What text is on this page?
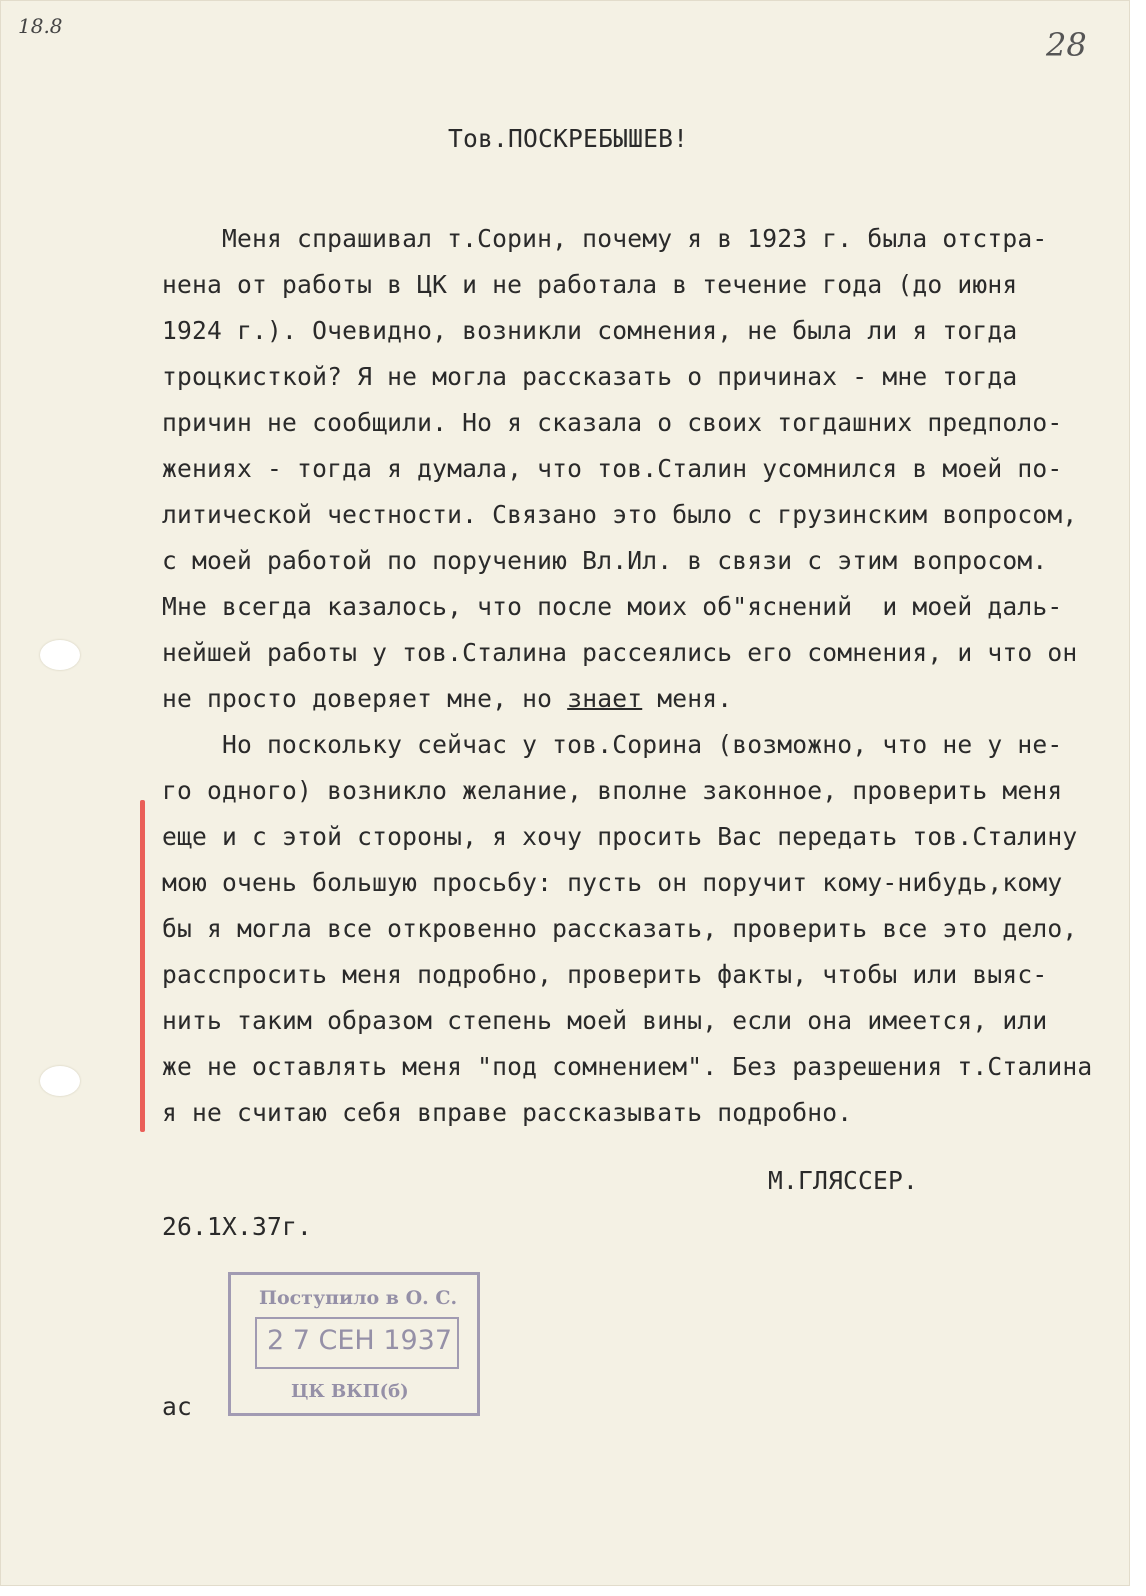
18.8	28
Тов.ПОСКРЕБЫШЕВ!
Меня спрашивал т.Сорин, почему я в 1923 г. была отстра-
нена от работы в ЦК и не работала в течение года (до июня
1924 г.). Очевидно, возникли сомнения, не была ли я тогда
троцкисткой? Я не могла рассказать о причинах - мне тогда
причин не сообщили. Но я сказала о своих тогдашних предполо-
жениях - тогда я думала, что тов.Сталин усомнился в моей по-
литической честности. Связано это было с грузинским вопросом,
с моей работой по поручению Вл.Ил. в связи с этим вопросом.
Мне всегда казалось, что после моих об"яснений  и моей даль-
нейшей работы у тов.Сталина рассеялись его сомнения, и что он
не просто доверяет мне, но знает меня.
Но поскольку сейчас у тов.Сорина (возможно, что не у не-
го одного) возникло желание, вполне законное, проверить меня
еще и с этой стороны, я хочу просить Вас передать тов.Сталину
мою очень большую просьбу: пусть он поручит кому-нибудь,кому
бы я могла все откровенно рассказать, проверить все это дело,
расспросить меня подробно, проверить факты, чтобы или выяс-
нить таким образом степень моей вины, если она имеется, или
же не оставлять меня "под сомнением". Без разрешения т.Сталина
я не считаю себя вправе рассказывать подробно.
М.ГЛЯССЕР.
26.1Х.37г.
Поступило в О. С.
2 7 СЕН 1937
ЦК ВКП(б)
ас
